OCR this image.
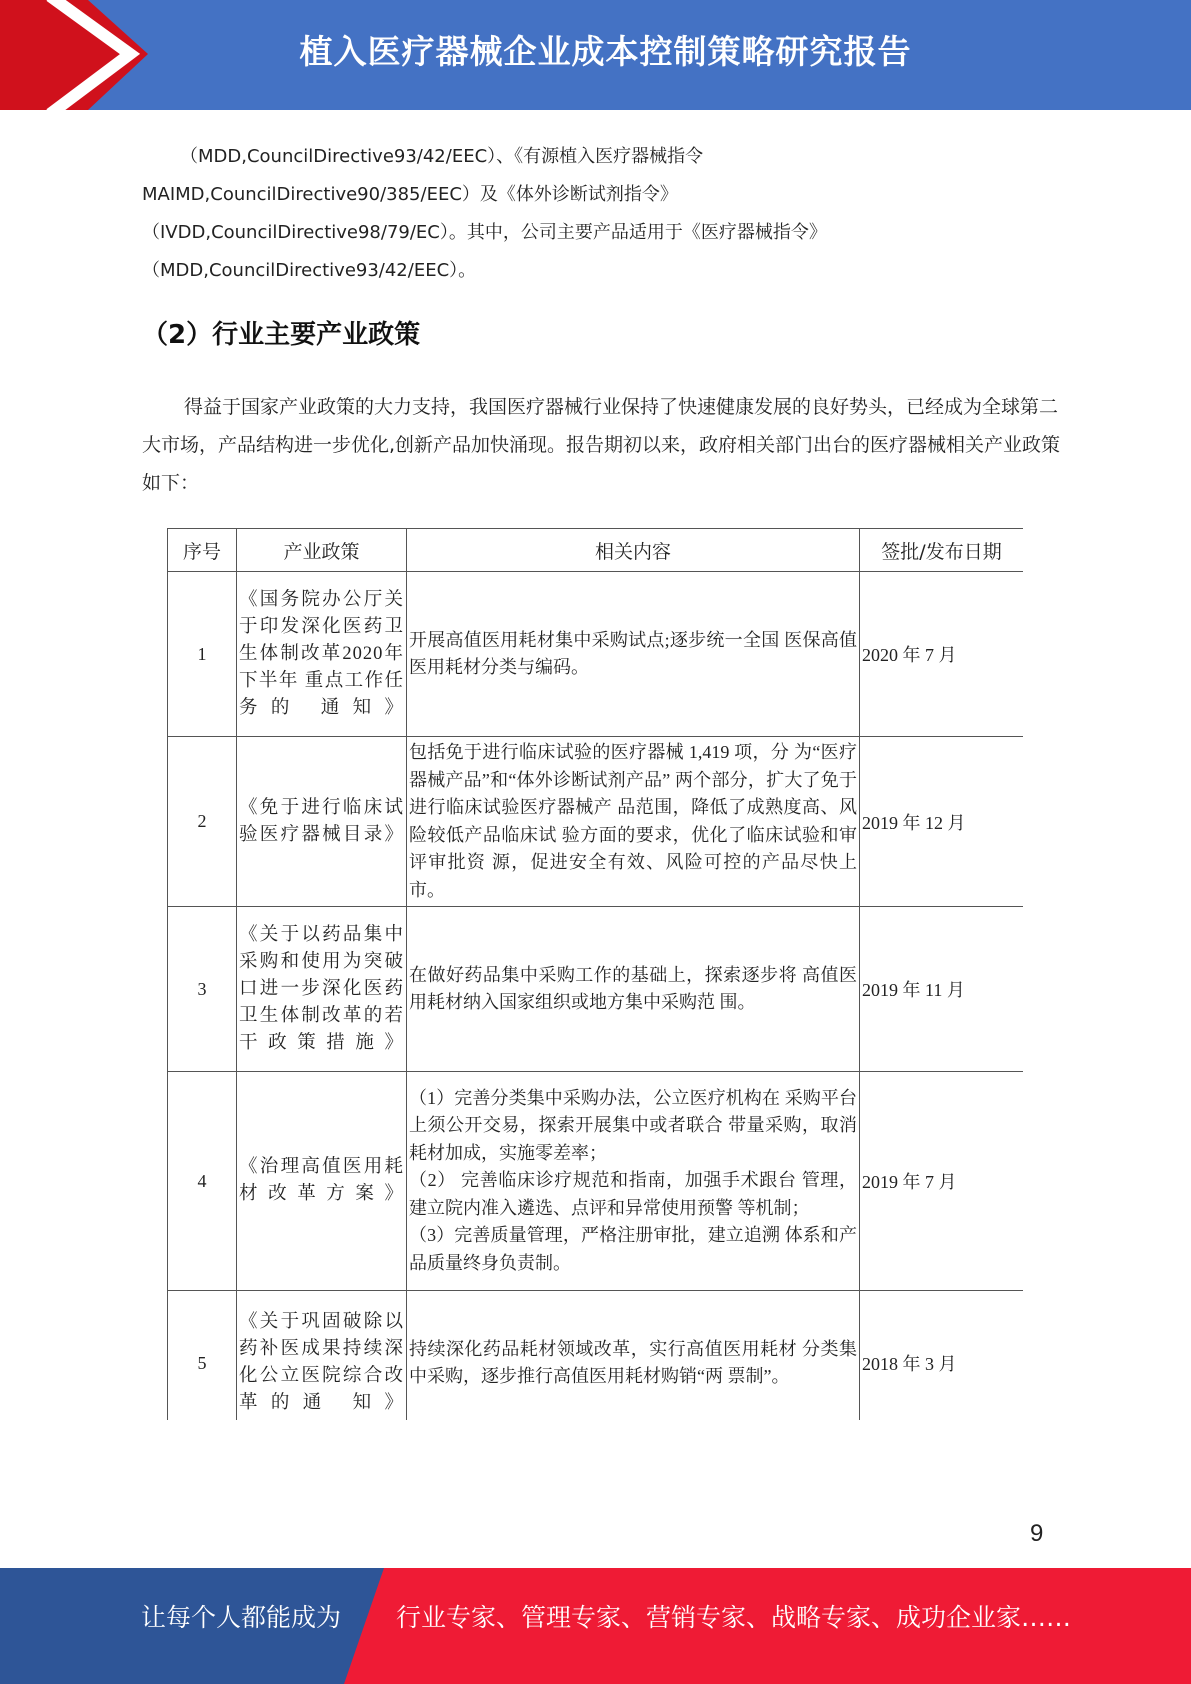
植入医疗器械企业成本控制策略研究报告

（MDD,CouncilDirective93/42/EEC）、《有源植入医疗器械指令

MAIMD,CouncilDirective90/385/EEC）及《体外诊断试剂指令》

（IVDD,CouncilDirective98/79/EC）。其中，公司主要产品适用于《医疗器械指令》

（MDD,CouncilDirective93/42/EEC）。

（2）行业主要产业政策

得益于国家产业政策的大力支持，我国医疗器械行业保持了快速健康发展的良好势头，已经成为全球第二大市场，产品结构进一步优化,创新产品加快涌现。报告期初以来，政府相关部门出台的医疗器械相关产业政策如下：

序号	产业政策	相关内容	签批/发布日期
1	《国务院办公厅关于印发深化医药卫生体制改革2020年下半年 重点工作任务的 通知》	开展高值医用耗材集中采购试点;逐步统一全国 医保高值医用耗材分类与编码。	2020 年 7 月
2	《免于进行临床试验医疗器械目录》	包括免于进行临床试验的医疗器械 1,419 项，分 为“医疗器械产品”和“体外诊断试剂产品” 两个部分，扩大了免于进行临床试验医疗器械产 品范围，降低了成熟度高、风险较低产品临床试 验方面的要求，优化了临床试验和审评审批资 源，促进安全有效、风险可控的产品尽快上市。	2019 年 12 月
3	《关于以药品集中采购和使用为突破口进一步深化医药卫生体制改革的若干政策措施》	在做好药品集中采购工作的基础上，探索逐步将 高值医用耗材纳入国家组织或地方集中采购范 围。	2019 年 11 月
4	《治理高值医用耗材改革方案》	（1）完善分类集中采购办法，公立医疗机构在 采购平台上须公开交易，探索开展集中或者联合 带量采购，取消耗材加成，实施零差率；
（2） 完善临床诊疗规范和指南，加强手术跟台 管理，建立院内准入遴选、点评和异常使用预警 等机制；
（3）完善质量管理，严格注册审批，建立追溯 体系和产品质量终身负责制。	2019 年 7 月
5	《关于巩固破除以药补医成果持续深化公立医院综合改革的通 知》	持续深化药品耗材领域改革，实行高值医用耗材 分类集中采购，逐步推行高值医用耗材购销“两 票制”。	2018 年 3 月
9
让每个人都能成为 行业专家、管理专家、营销专家、战略专家、成功企业家……
